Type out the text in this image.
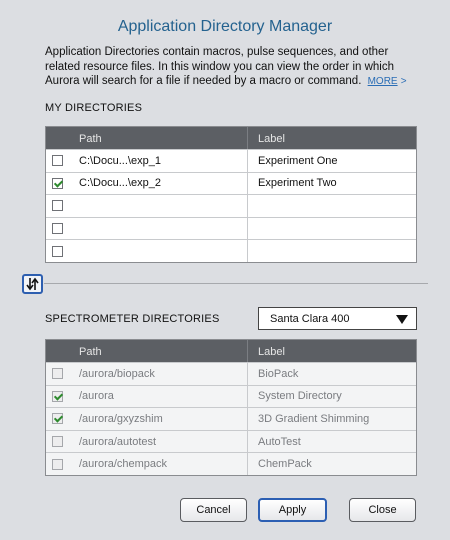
Application Directory Manager
Application Directories contain macros, pulse sequences, and other related resource files. In this window you can view the order in which Aurora will search for a file if needed by a macro or command. MORE >
MY DIRECTORIES
Path	Label
C:\Docu...\exp_1	Experiment One
C:\Docu...\exp_2	Experiment Two
SPECTROMETER DIRECTORIES	Santa Clara 400
Path	Label
/aurora/biopack	BioPack
/aurora	System Directory
/aurora/gxyzshim	3D Gradient Shimming
/aurora/autotest	AutoTest
/aurora/chempack	ChemPack
Cancel	Apply	Close
